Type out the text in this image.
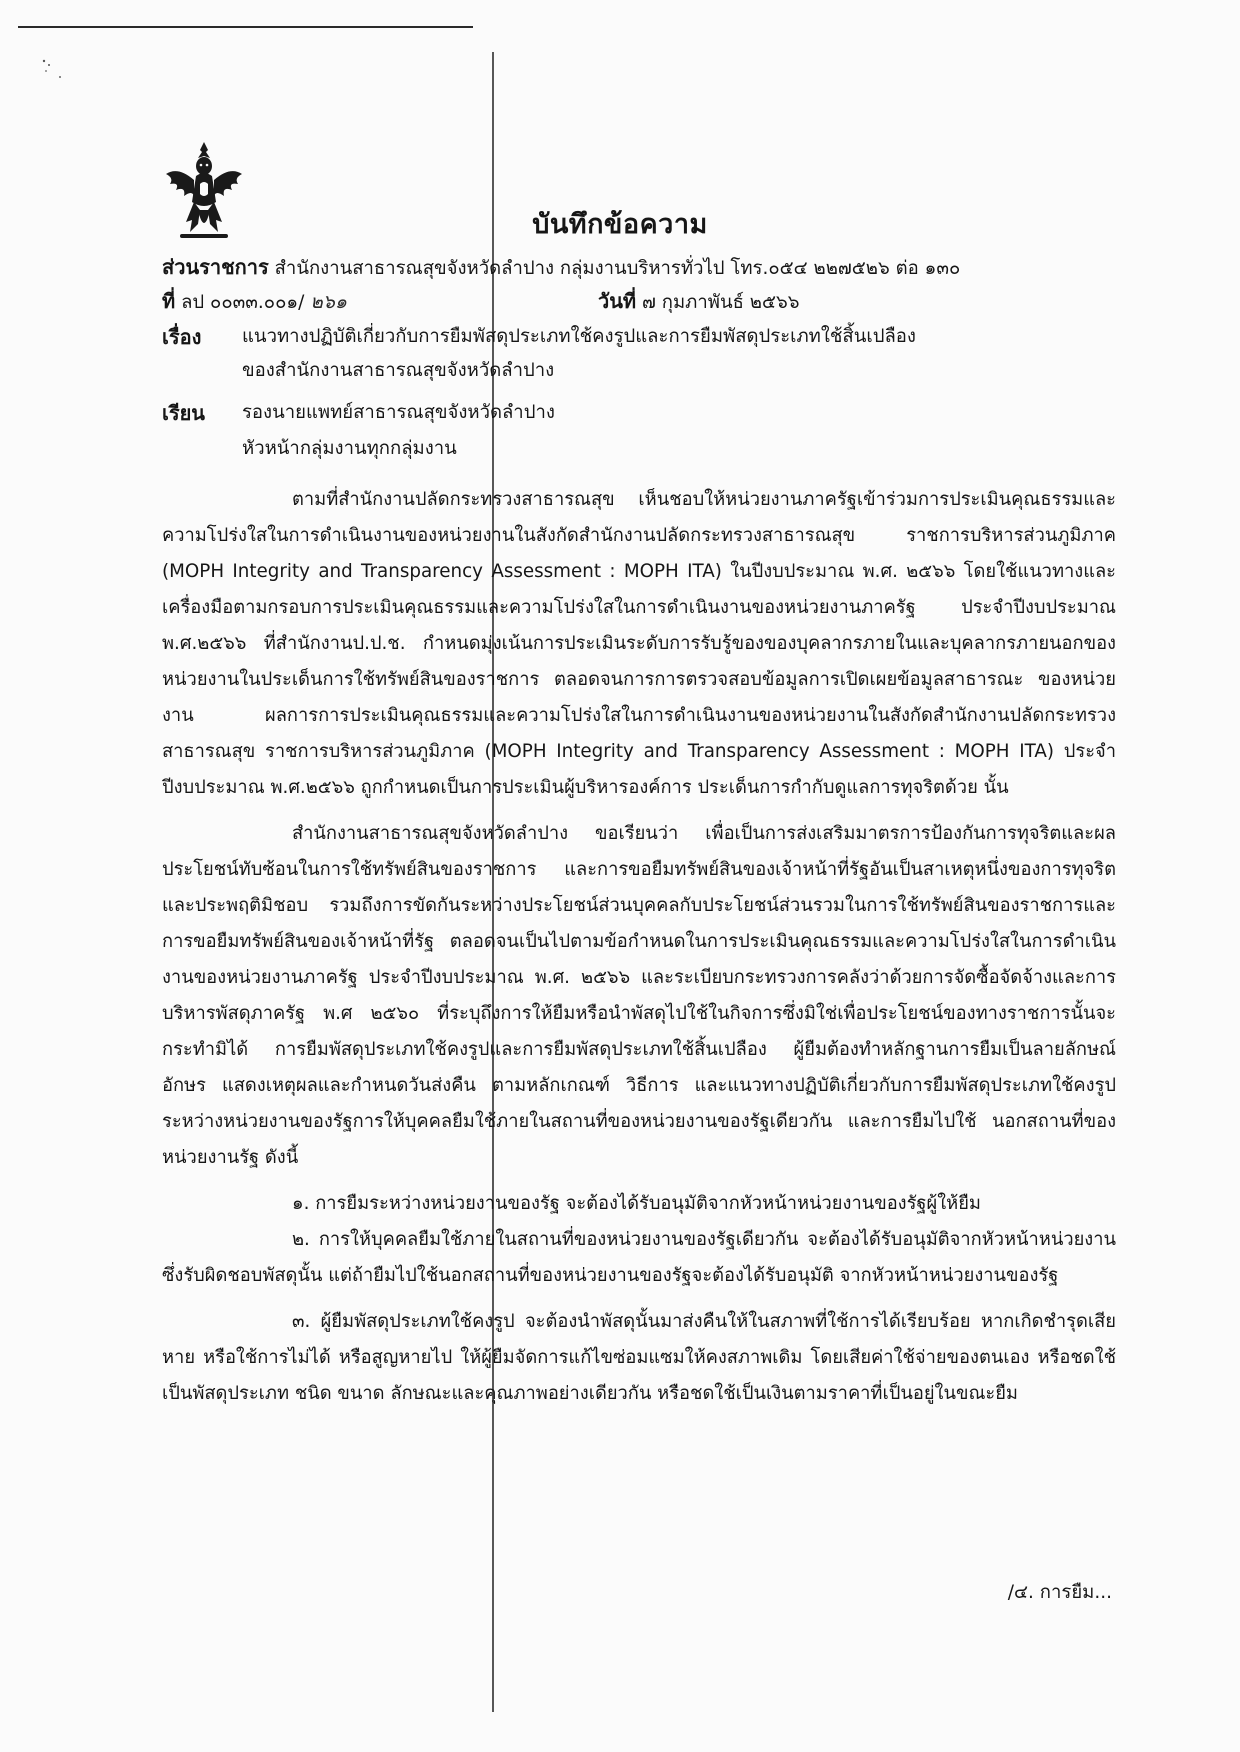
บันทึกข้อความ
ส่วนราชการ สำนักงานสาธารณสุขจังหวัดลำปาง กลุ่มงานบริหารทั่วไป โทร.๐๕๔ ๒๒๗๕๒๖ ต่อ ๑๓๐
ที่ ลป ๐๐๓๓.๐๐๑/ ๒๖๑	วันที่ ๗ กุมภาพันธ์ ๒๕๖๖
เรื่อง แนวทางปฏิบัติเกี่ยวกับการยืมพัสดุประเภทใช้คงรูปและการยืมพัสดุประเภทใช้สิ้นเปลือง
ของสำนักงานสาธารณสุขจังหวัดลำปาง
เรียน รองนายแพทย์สาธารณสุขจังหวัดลำปาง
หัวหน้ากลุ่มงานทุกกลุ่มงาน

ตามที่สำนักงานปลัดกระทรวงสาธารณสุข เห็นชอบให้หน่วยงานภาครัฐเข้าร่วมการประเมินคุณธรรมและความโปร่งใสในการดำเนินงานของหน่วยงานในสังกัดสำนักงานปลัดกระทรวงสาธารณสุข ราชการบริหารส่วนภูมิภาค (MOPH Integrity and Transparency Assessment : MOPH ITA) ในปีงบประมาณ พ.ศ. ๒๕๖๖ โดยใช้แนวทางและเครื่องมือตามกรอบการประเมินคุณธรรมและความโปร่งใสในการดำเนินงานของหน่วยงานภาครัฐ ประจำปีงบประมาณ พ.ศ.๒๕๖๖ ที่สำนักงานป.ป.ช. กำหนดมุ่งเน้นการประเมินระดับการรับรู้ของของบุคลากรภายในและบุคลากรภายนอกของหน่วยงานในประเด็นการใช้ทรัพย์สินของราชการ ตลอดจนการการตรวจสอบข้อมูลการเปิดเผยข้อมูลสาธารณะ ของหน่วยงาน ผลการการประเมินคุณธรรมและความโปร่งใสในการดำเนินงานของหน่วยงานในสังกัดสำนักงานปลัดกระทรวงสาธารณสุข ราชการบริหารส่วนภูมิภาค (MOPH Integrity and Transparency Assessment : MOPH ITA) ประจำปีงบประมาณ พ.ศ.๒๕๖๖ ถูกกำหนดเป็นการประเมินผู้บริหารองค์การ ประเด็นการกำกับดูแลการทุจริตด้วย นั้น

สำนักงานสาธารณสุขจังหวัดลำปาง ขอเรียนว่า เพื่อเป็นการส่งเสริมมาตรการป้องกันการทุจริตและผลประโยชน์ทับซ้อนในการใช้ทรัพย์สินของราชการ และการขอยืมทรัพย์สินของเจ้าหน้าที่รัฐอันเป็นสาเหตุหนึ่งของการทุจริตและประพฤติมิชอบ รวมถึงการขัดกันระหว่างประโยชน์ส่วนบุคคลกับประโยชน์ส่วนรวมในการใช้ทรัพย์สินของราชการและการขอยืมทรัพย์สินของเจ้าหน้าที่รัฐ ตลอดจนเป็นไปตามข้อกำหนดในการประเมินคุณธรรมและความโปร่งใสในการดำเนินงานของหน่วยงานภาครัฐ ประจำปีงบประมาณ พ.ศ. ๒๕๖๖ และระเบียบกระทรวงการคลังว่าด้วยการจัดซื้อจัดจ้างและการบริหารพัสดุภาครัฐ พ.ศ ๒๕๖๐ ที่ระบุถึงการให้ยืมหรือนำพัสดุไปใช้ในกิจการซึ่งมิใช่เพื่อประโยชน์ของทางราชการนั้นจะกระทำมิได้ การยืมพัสดุประเภทใช้คงรูปและการยืมพัสดุประเภทใช้สิ้นเปลือง ผู้ยืมต้องทำหลักฐานการยืมเป็นลายลักษณ์อักษร แสดงเหตุผลและกำหนดวันส่งคืน ตามหลักเกณฑ์ วิธีการ และแนวทางปฏิบัติเกี่ยวกับการยืมพัสดุประเภทใช้คงรูป ระหว่างหน่วยงานของรัฐการให้บุคคลยืมใช้ภายในสถานที่ของหน่วยงานของรัฐเดียวกัน และการยืมไปใช้ นอกสถานที่ของหน่วยงานรัฐ ดังนี้

๑. การยืมระหว่างหน่วยงานของรัฐ จะต้องได้รับอนุมัติจากหัวหน้าหน่วยงานของรัฐผู้ให้ยืม

๒. การให้บุคคลยืมใช้ภายในสถานที่ของหน่วยงานของรัฐเดียวกัน จะต้องได้รับอนุมัติจากหัวหน้าหน่วยงานซึ่งรับผิดชอบพัสดุนั้น แต่ถ้ายืมไปใช้นอกสถานที่ของหน่วยงานของรัฐจะต้องได้รับอนุมัติ จากหัวหน้าหน่วยงานของรัฐ

๓. ผู้ยืมพัสดุประเภทใช้คงรูป จะต้องนำพัสดุนั้นมาส่งคืนให้ในสภาพที่ใช้การได้เรียบร้อย หากเกิดชำรุดเสียหาย หรือใช้การไม่ได้ หรือสูญหายไป ให้ผู้ยืมจัดการแก้ไขซ่อมแซมให้คงสภาพเดิม โดยเสียค่าใช้จ่ายของตนเอง หรือชดใช้เป็นพัสดุประเภท ชนิด ขนาด ลักษณะและคุณภาพอย่างเดียวกัน หรือชดใช้เป็นเงินตามราคาที่เป็นอยู่ในขณะยืม

/๔. การยืม...
